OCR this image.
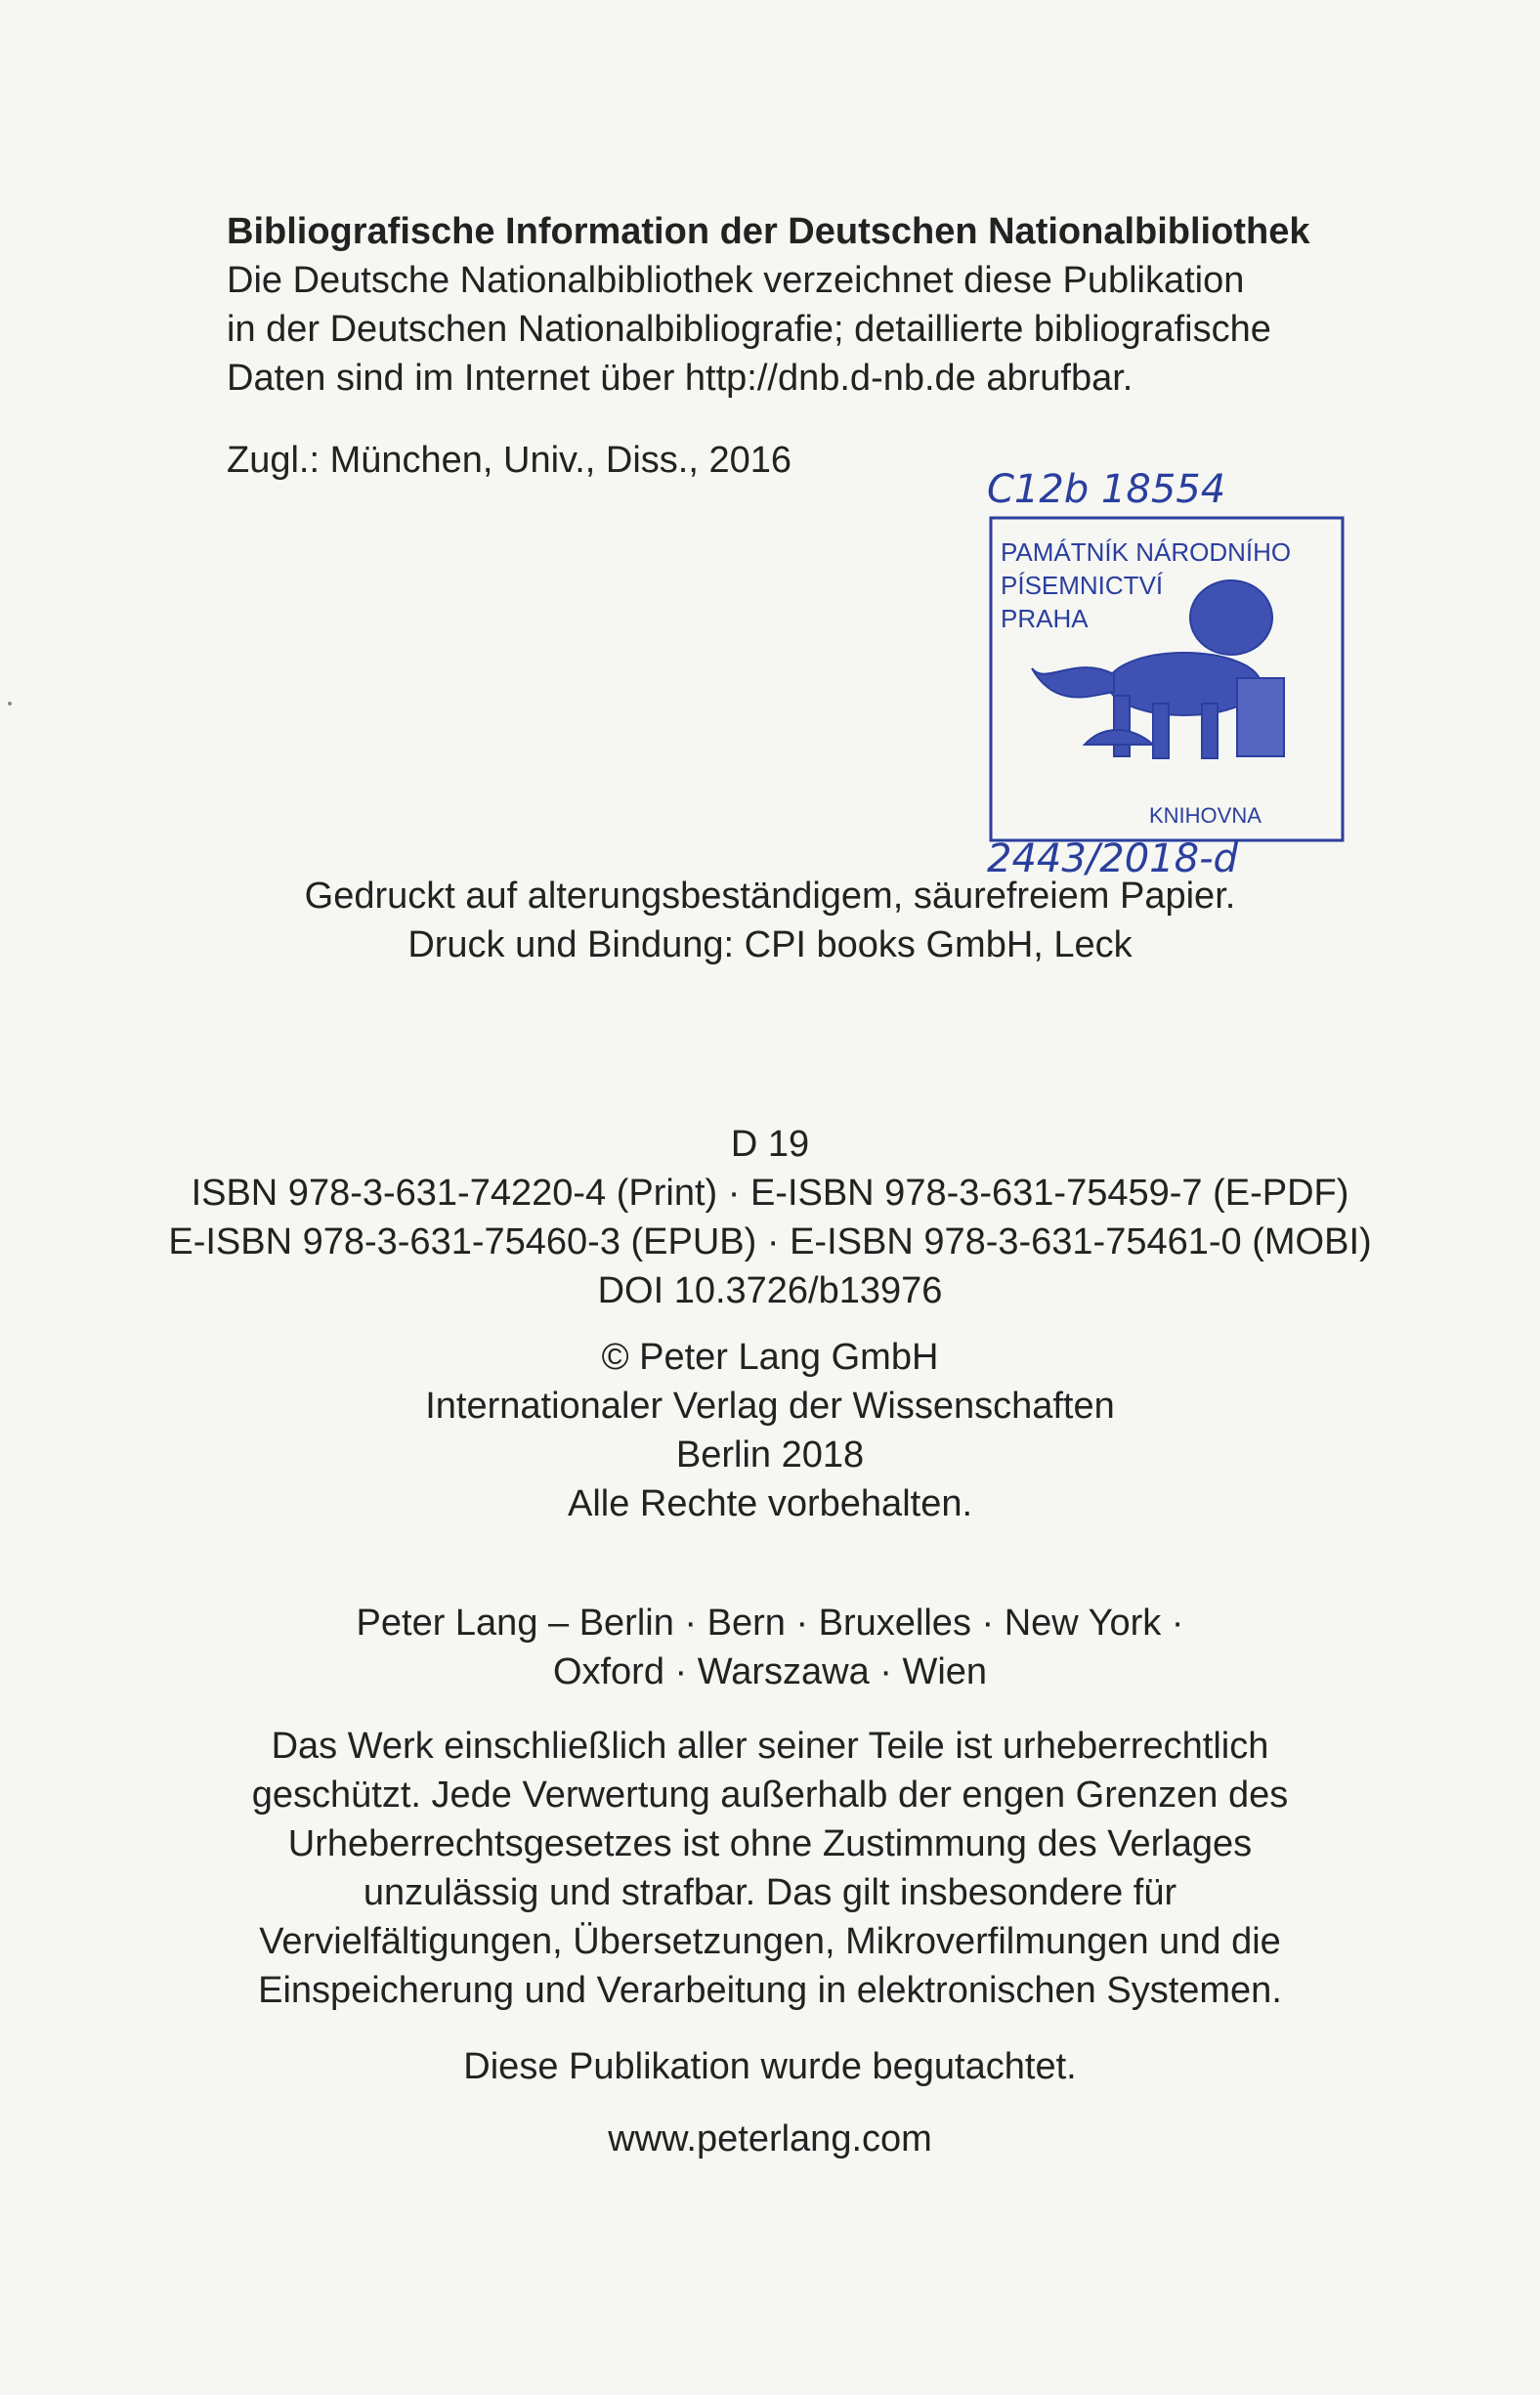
Bibliografische Information der Deutschen Nationalbibliothek
Die Deutsche Nationalbibliothek verzeichnet diese Publikation
in der Deutschen Nationalbibliografie; detaillierte bibliografische
Daten sind im Internet über http://dnb.d-nb.de abrufbar.
Zugl.: München, Univ., Diss., 2016
C12b 18554
PAMÁTNÍK NÁRODNÍHO
PÍSEMNICTVÍ
PRAHA
KNIHOVNA
2443/2018-d
Gedruckt auf alterungsbeständigem, säurefreiem Papier.
Druck und Bindung: CPI books GmbH, Leck
D 19
ISBN 978-3-631-74220-4 (Print) · E-ISBN 978-3-631-75459-7 (E-PDF)
E-ISBN 978-3-631-75460-3 (EPUB) · E-ISBN 978-3-631-75461-0 (MOBI)
DOI 10.3726/b13976
© Peter Lang GmbH
Internationaler Verlag der Wissenschaften
Berlin 2018
Alle Rechte vorbehalten.
Peter Lang – Berlin · Bern · Bruxelles · New York ·
Oxford · Warszawa · Wien
Das Werk einschließlich aller seiner Teile ist urheberrechtlich
geschützt. Jede Verwertung außerhalb der engen Grenzen des
Urheberrechtsgesetzes ist ohne Zustimmung des Verlages
unzulässig und strafbar. Das gilt insbesondere für
Vervielfältigungen, Übersetzungen, Mikroverfilmungen und die
Einspeicherung und Verarbeitung in elektronischen Systemen.
Diese Publikation wurde begutachtet.
www.peterlang.com
